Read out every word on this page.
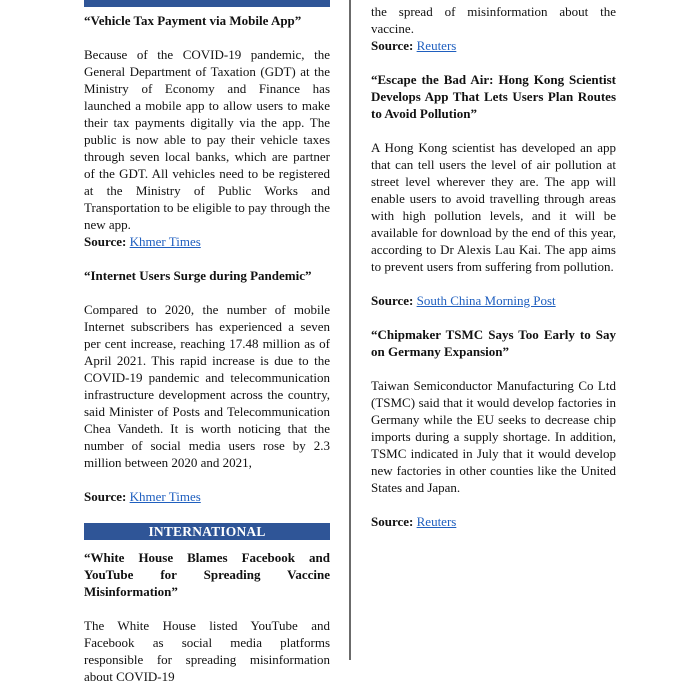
“Vehicle Tax Payment via Mobile App”

Because of the COVID-19 pandemic, the General Department of Taxation (GDT) at the Ministry of Economy and Finance has launched a mobile app to allow users to make their tax payments digitally via the app. The public is now able to pay their vehicle taxes through seven local banks, which are partner of the GDT. All vehicles need to be registered at the Ministry of Public Works and Transportation to be eligible to pay through the new app.

Source: Khmer Times

“Internet Users Surge during Pandemic”

Compared to 2020, the number of mobile Internet subscribers has experienced a seven per cent increase, reaching 17.48 million as of April 2021. This rapid increase is due to the COVID-19 pandemic and telecommunication infrastructure development across the country, said Minister of Posts and Telecommunication Chea Vandeth. It is worth noticing that the number of social media users rose by 2.3 million between 2020 and 2021,

Source: Khmer Times

INTERNATIONAL

“White House Blames Facebook and YouTube for Spreading Vaccine Misinformation”

The White House listed YouTube and Facebook as social media platforms responsible for spreading misinformation about COVID-19

the spread of misinformation about the vaccine.

Source: Reuters

“Escape the Bad Air: Hong Kong Scientist Develops App That Lets Users Plan Routes to Avoid Pollution”

A Hong Kong scientist has developed an app that can tell users the level of air pollution at street level wherever they are. The app will enable users to avoid travelling through areas with high pollution levels, and it will be available for download by the end of this year, according to Dr Alexis Lau Kai. The app aims to prevent users from suffering from pollution.

Source: South China Morning Post

“Chipmaker TSMC Says Too Early to Say on Germany Expansion”

Taiwan Semiconductor Manufacturing Co Ltd (TSMC) said that it would develop factories in Germany while the EU seeks to decrease chip imports during a supply shortage. In addition, TSMC indicated in July that it would develop new factories in other counties like the United States and Japan.

Source: Reuters
